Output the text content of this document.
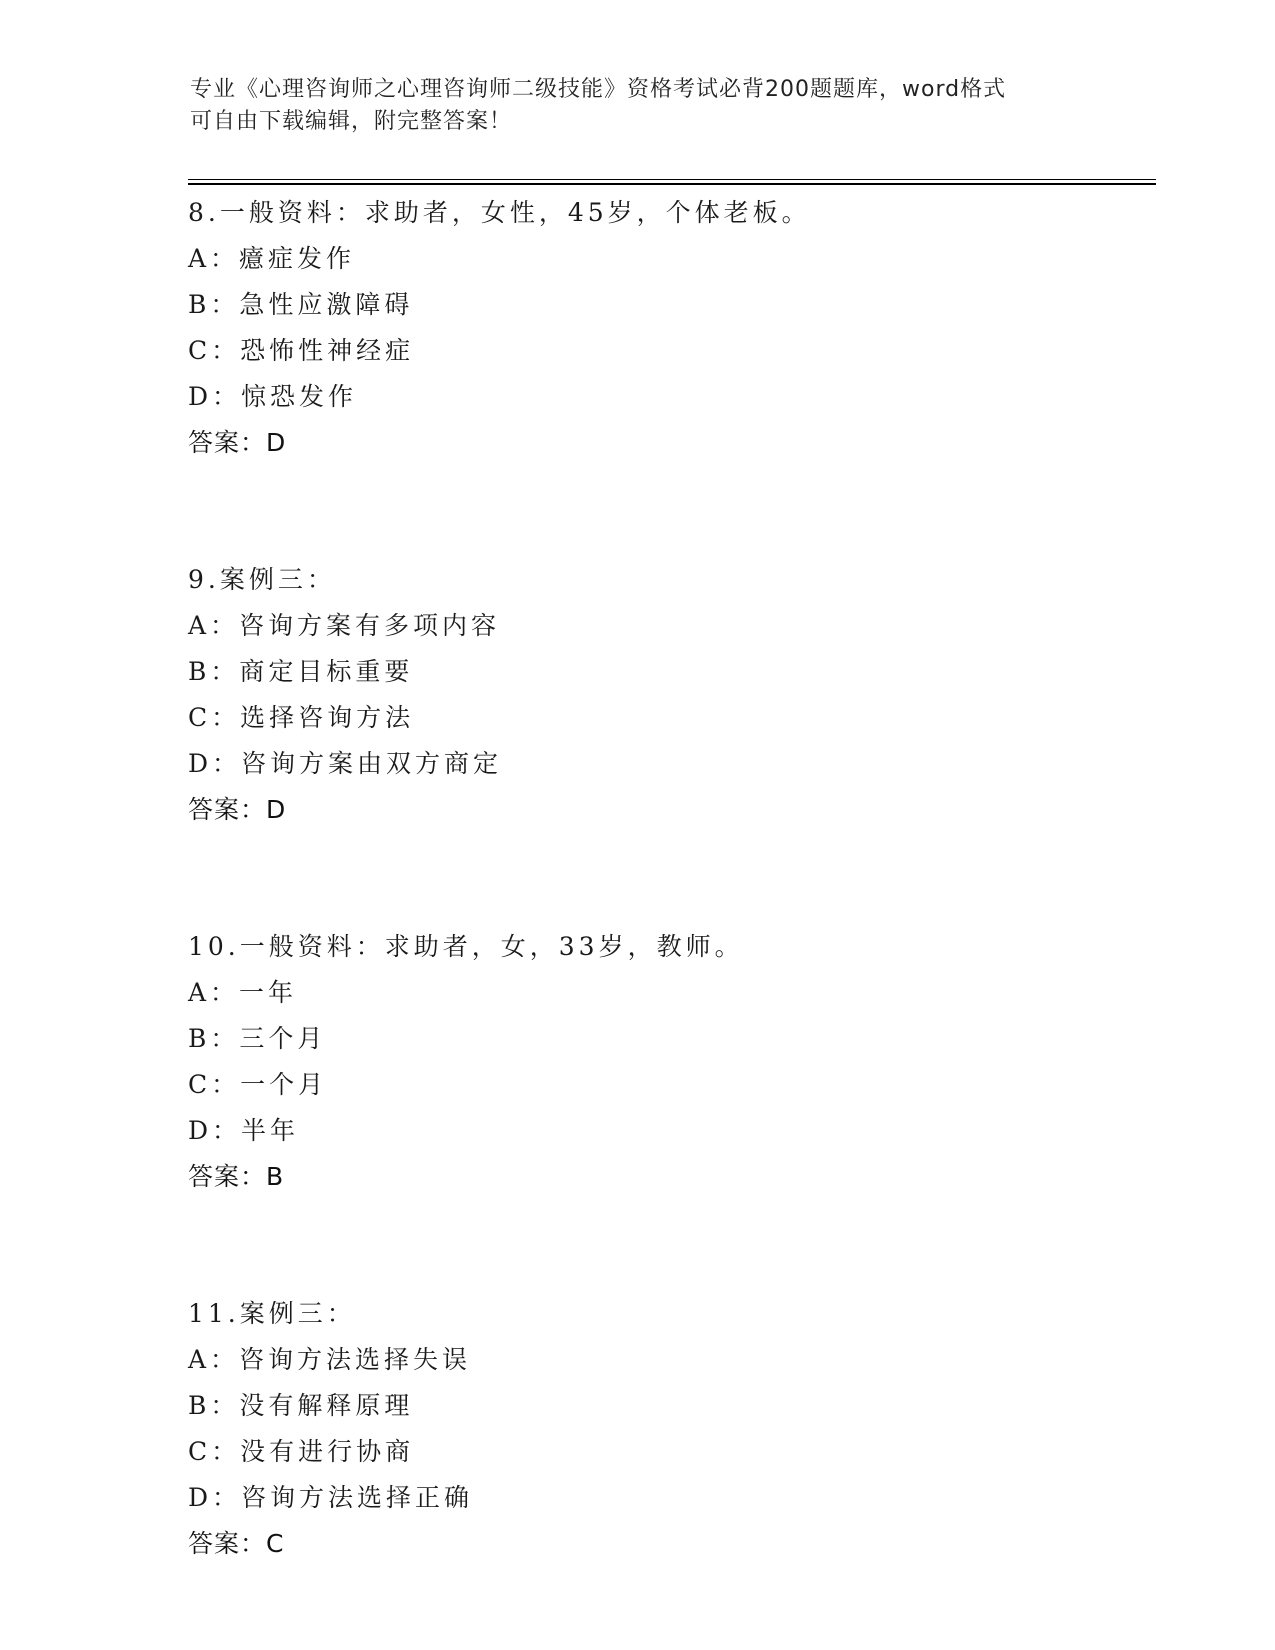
专业《心理咨询师之心理咨询师二级技能》资格考试必背200题题库，word格式
可自由下载编辑，附完整答案！
8.一般资料：求助者，女性，45岁，个体老板。
A：癔症发作
B：急性应激障碍
C：恐怖性神经症
D：惊恐发作
答案：D
9.案例三：
A：咨询方案有多项内容
B：商定目标重要
C：选择咨询方法
D：咨询方案由双方商定
答案：D
10.一般资料：求助者，女，33岁，教师。
A：一年
B：三个月
C：一个月
D：半年
答案：B
11.案例三：
A：咨询方法选择失误
B：没有解释原理
C：没有进行协商
D：咨询方法选择正确
答案：C
